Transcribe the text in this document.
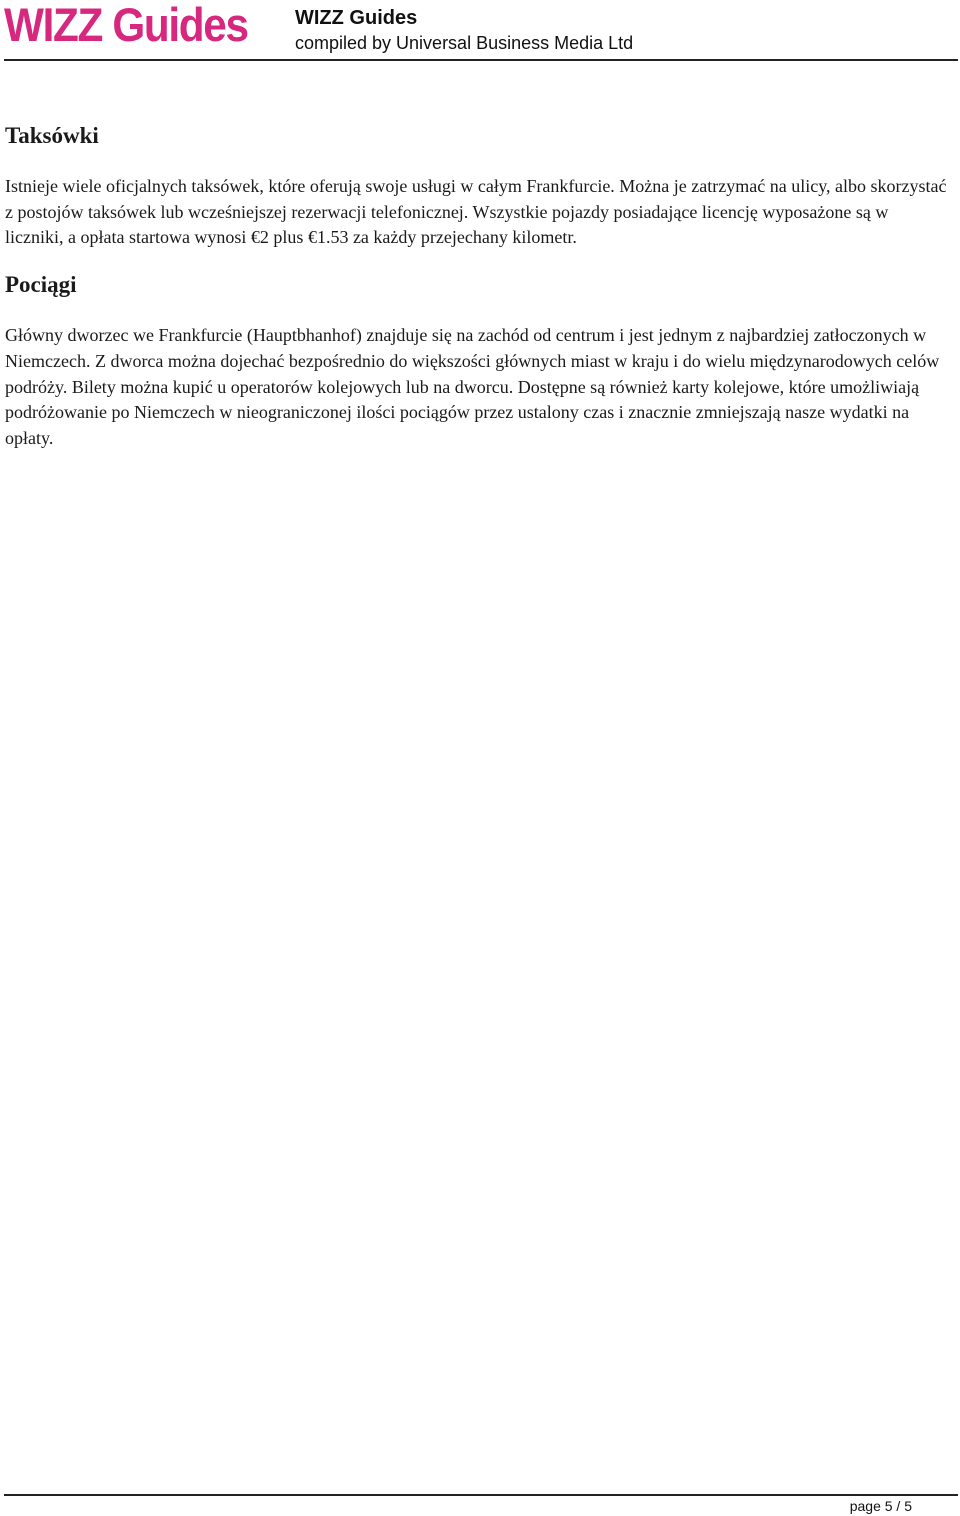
WIZZ Guides WIZZ Guides
compiled by Universal Business Media Ltd
Taksówki

Istnieje wiele oficjalnych taksówek, które oferują swoje usługi w całym Frankfurcie. Można je zatrzymać na ulicy, albo skorzystać z postojów taksówek lub wcześniejszej rezerwacji telefonicznej. Wszystkie pojazdy posiadające licencję wyposażone są w liczniki, a opłata startowa wynosi €2 plus €1.53 za każdy przejechany kilometr.

Pociągi

Główny dworzec we Frankfurcie (Hauptbhanhof) znajduje się na zachód od centrum i jest jednym z najbardziej zatłoczonych w Niemczech. Z dworca można dojechać bezpośrednio do większości głównych miast w kraju i do wielu międzynarodowych celów podróży. Bilety można kupić u operatorów kolejowych lub na dworcu. Dostępne są również karty kolejowe, które umożliwiają podróżowanie po Niemczech w nieograniczonej ilości pociągów przez ustalony czas i znacznie zmniejszają nasze wydatki na opłaty.

page 5 / 5
